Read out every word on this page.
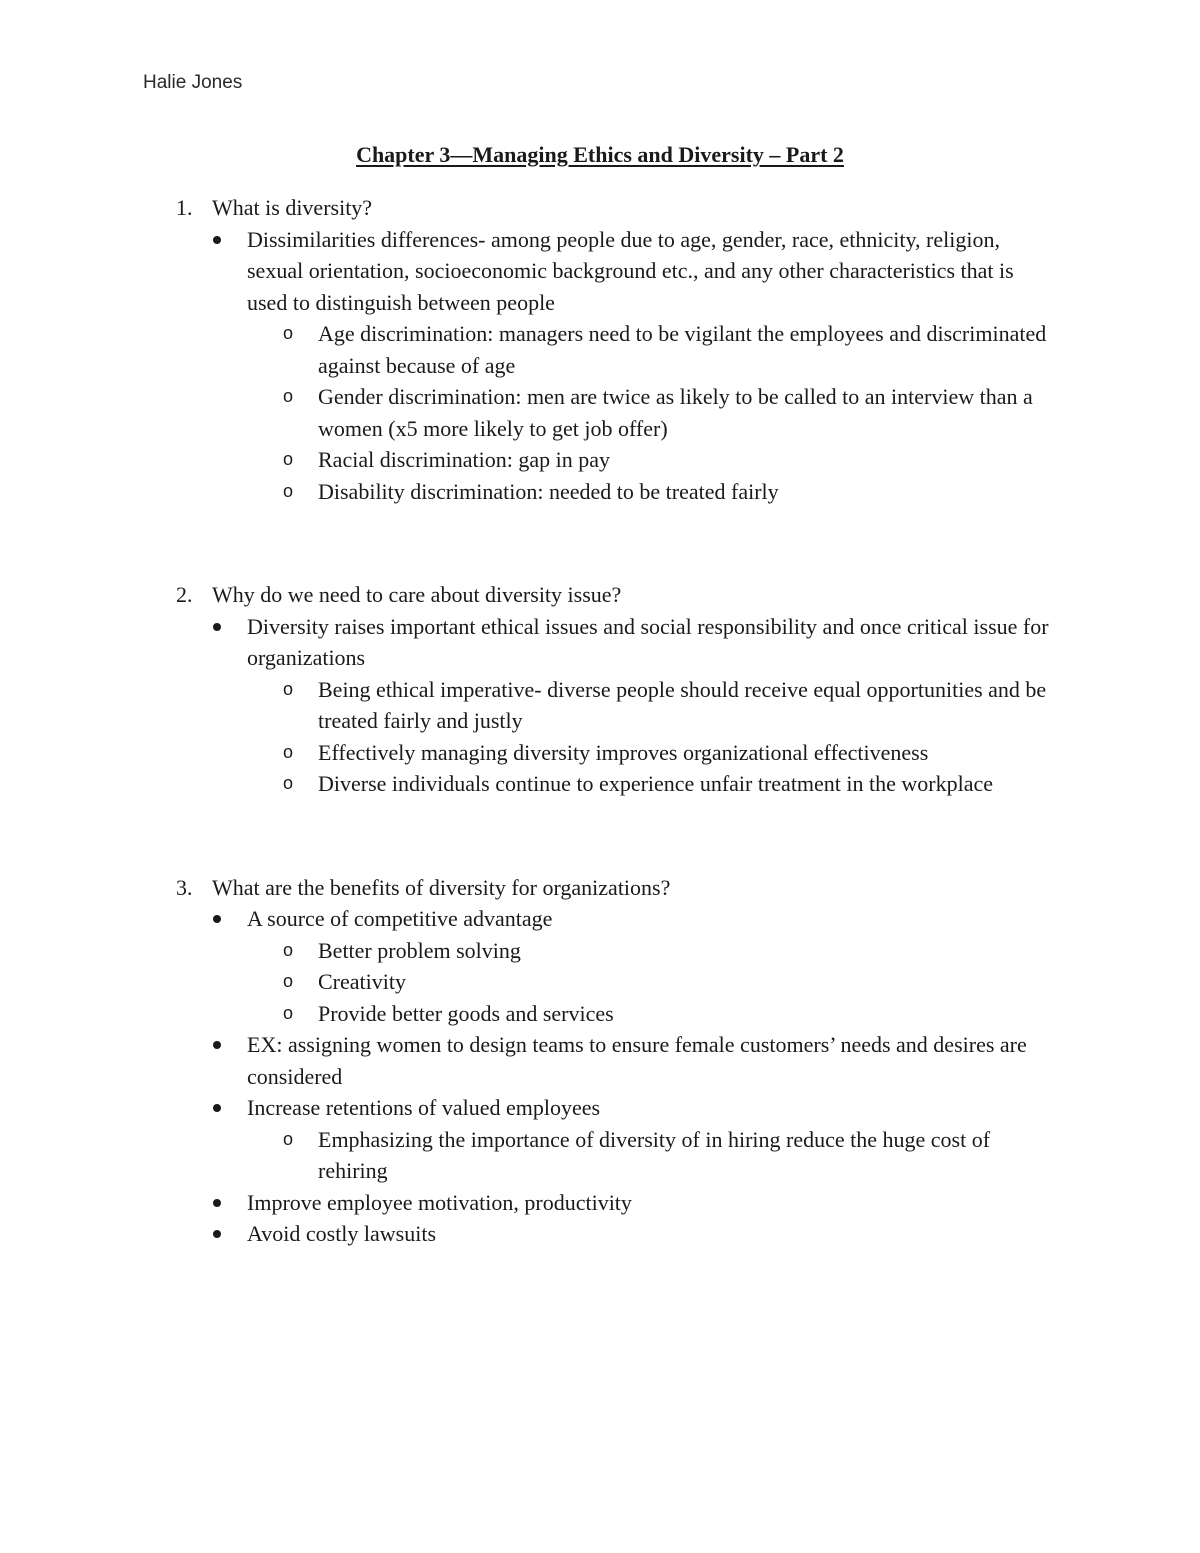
Halie Jones
Chapter 3—Managing Ethics and Diversity – Part 2
1. What is diversity?
Dissimilarities differences- among people due to age, gender, race, ethnicity, religion, sexual orientation, socioeconomic background etc., and any other characteristics that is used to distinguish between people
o Age discrimination: managers need to be vigilant the employees and discriminated against because of age
o Gender discrimination: men are twice as likely to be called to an interview than a women (x5 more likely to get job offer)
o Racial discrimination: gap in pay
o Disability discrimination: needed to be treated fairly
2. Why do we need to care about diversity issue?
Diversity raises important ethical issues and social responsibility and once critical issue for organizations
o Being ethical imperative- diverse people should receive equal opportunities and be treated fairly and justly
o Effectively managing diversity improves organizational effectiveness
o Diverse individuals continue to experience unfair treatment in the workplace
3. What are the benefits of diversity for organizations?
A source of competitive advantage
o Better problem solving
o Creativity
o Provide better goods and services
EX: assigning women to design teams to ensure female customers’ needs and desires are considered
Increase retentions of valued employees
o Emphasizing the importance of diversity of in hiring reduce the huge cost of rehiring
Improve employee motivation, productivity
Avoid costly lawsuits
